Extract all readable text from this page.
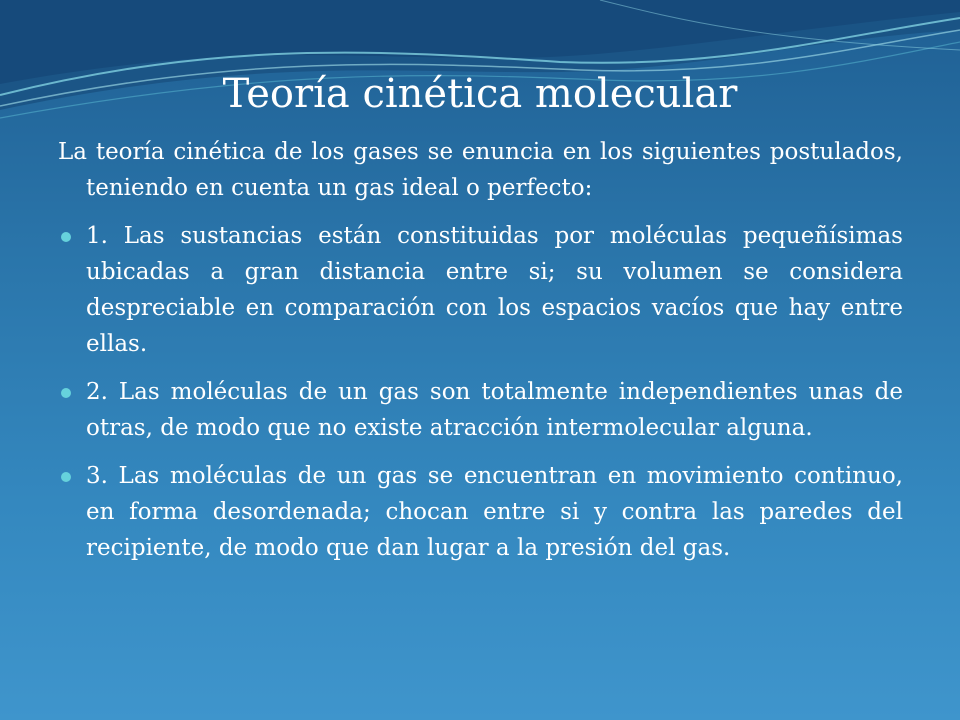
Teoría cinética molecular

La teoría cinética de los gases se enuncia en los siguientes postulados, teniendo en cuenta un gas ideal o perfecto:

1. Las sustancias están constituidas por moléculas pequeñísimas ubicadas a gran distancia entre si; su volumen se considera despreciable en comparación con los espacios vacíos que hay entre ellas.
2. Las moléculas de un gas son totalmente independientes unas de otras, de modo que no existe atracción intermolecular alguna.
3. Las moléculas de un gas se encuentran en movimiento continuo, en forma desordenada; chocan entre si y contra las paredes del recipiente, de modo que dan lugar a la presión del gas.
